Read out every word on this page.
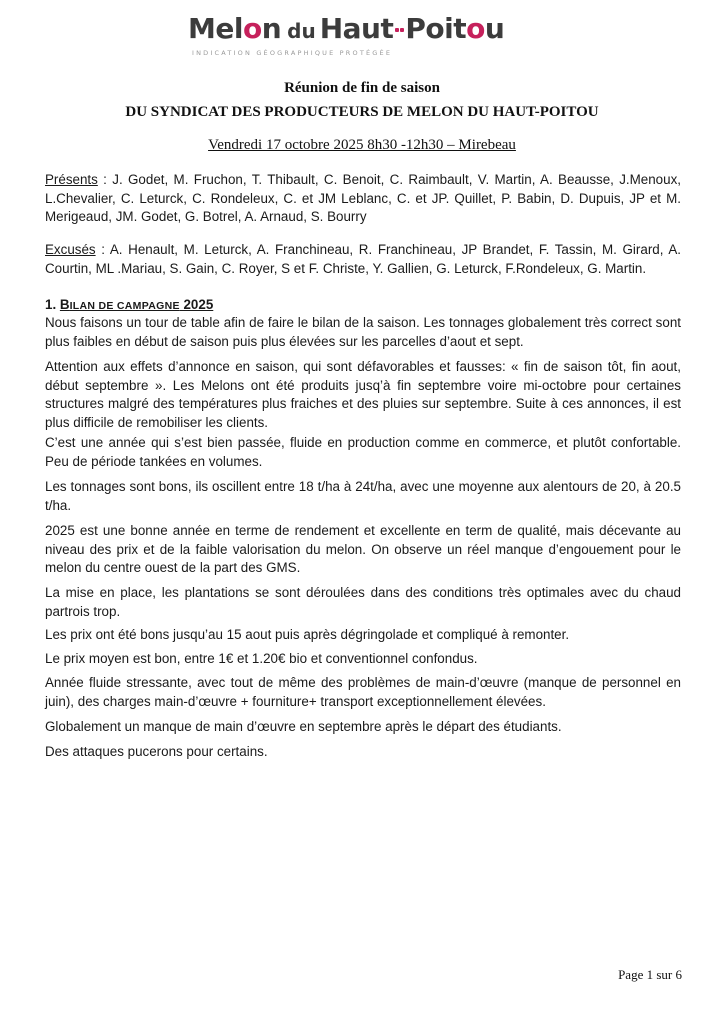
Melon du Haut Poitou
INDICATION GÉOGRAPHIQUE PROTÉGÉE
Réunion de fin de saison
DU SYNDICAT DES PRODUCTEURS DE MELON DU HAUT-POITOU
Vendredi 17 octobre 2025 8h30 -12h30 – Mirebeau

Présents : J. Godet, M. Fruchon, T. Thibault, C. Benoit, C. Raimbault, V. Martin, A. Beausse, J.Menoux, L.Chevalier, C. Leturck, C. Rondeleux, C. et JM Leblanc, C. et JP. Quillet, P. Babin, D. Dupuis, JP et M. Merigeaud, JM. Godet, G. Botrel, A. Arnaud, S. Bourry

Excusés : A. Henault, M. Leturck, A. Franchineau, R. Franchineau, JP Brandet, F. Tassin, M. Girard, A. Courtin, ML .Mariau, S. Gain, C. Royer, S et F. Christe, Y. Gallien, G. Leturck, F.Rondeleux, G. Martin.

1. BILAN DE CAMPAGNE 2025

Nous faisons un tour de table afin de faire le bilan de la saison. Les tonnages globalement très correct sont plus faibles en début de saison puis plus élevées sur les parcelles d’aout et sept.

Attention aux effets d’annonce en saison, qui sont défavorables et fausses: « fin de saison tôt, fin aout, début septembre ». Les Melons ont été produits jusq’à fin septembre voire mi-octobre pour certaines structures malgré des températures plus fraiches et des pluies sur septembre. Suite à ces annonces, il est plus difficile de remobiliser les clients.

C’est une année qui s’est bien passée, fluide en production comme en commerce, et plutôt confortable. Peu de période tankées en volumes.

Les tonnages sont bons, ils oscillent entre 18 t/ha à 24t/ha, avec une moyenne aux alentours de 20, à 20.5 t/ha.

2025 est une bonne année en terme de rendement et excellente en term de qualité, mais décevante au niveau des prix et de la faible valorisation du melon. On observe un réel manque d’engouement pour le melon du centre ouest de la part des GMS.

La mise en place, les plantations se sont déroulées dans des conditions très optimales avec du chaud partrois trop.

Les prix ont été bons jusqu’au 15 aout puis après dégringolade et compliqué à remonter.

Le prix moyen est bon, entre 1€ et 1.20€ bio et conventionnel confondus.

Année fluide stressante, avec tout de même des problèmes de main-d’œuvre (manque de personnel en juin), des charges main-d’œuvre + fourniture+ transport exceptionnellement élevées.

Globalement un manque de main d’œuvre en septembre après le départ des étudiants.

Des attaques pucerons pour certains.

Page 1 sur 6
